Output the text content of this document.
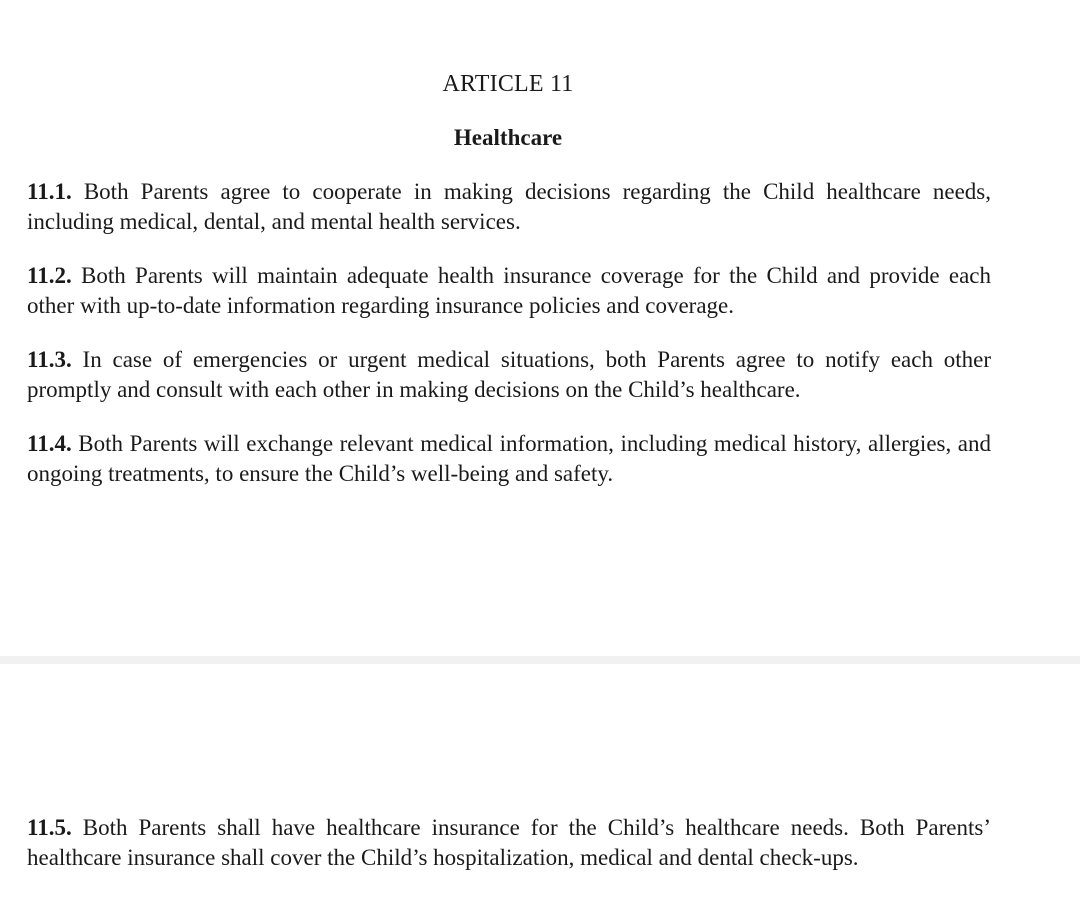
ARTICLE 11
Healthcare

11.1. Both Parents agree to cooperate in making decisions regarding the Child healthcare needs, including medical, dental, and mental health services.

11.2. Both Parents will maintain adequate health insurance coverage for the Child and provide each other with up-to-date information regarding insurance policies and coverage.

11.3. In case of emergencies or urgent medical situations, both Parents agree to notify each other promptly and consult with each other in making decisions on the Child’s healthcare.

11.4. Both Parents will exchange relevant medical information, including medical history, allergies, and ongoing treatments, to ensure the Child’s well-being and safety.

11.5. Both Parents shall have healthcare insurance for the Child’s healthcare needs. Both Parents’ healthcare insurance shall cover the Child’s hospitalization, medical and dental check-ups.
